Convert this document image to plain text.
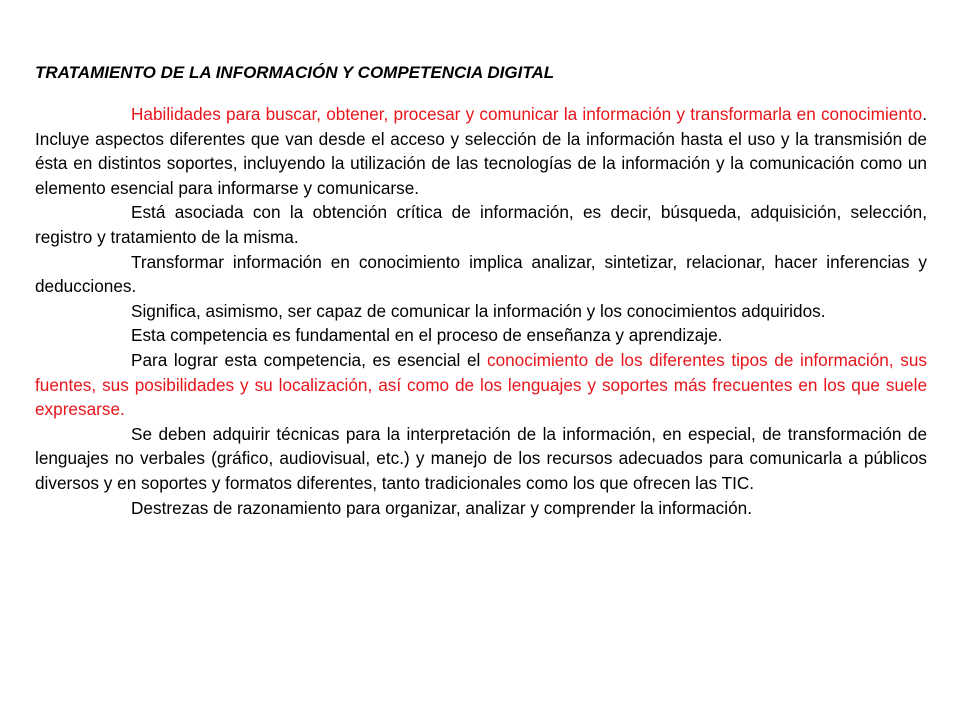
TRATAMIENTO DE LA INFORMACIÓN Y COMPETENCIA DIGITAL

Habilidades para buscar, obtener, procesar y comunicar la información y transformarla en conocimiento. Incluye aspectos diferentes que van desde el acceso y selección de la información hasta el uso y la transmisión de ésta en distintos soportes, incluyendo la utilización de las tecnologías de la información y la comunicación como un elemento esencial para informarse y comunicarse.

Está asociada con la obtención crítica de información, es decir, búsqueda, adquisición, selección, registro y tratamiento de la misma.

Transformar información en conocimiento implica analizar, sintetizar, relacionar, hacer inferencias y deducciones.

Significa, asimismo, ser capaz de comunicar la información y los conocimientos adquiridos.

Esta competencia es fundamental en el proceso de enseñanza y aprendizaje.

Para lograr esta competencia, es esencial el conocimiento de los diferentes tipos de información, sus fuentes, sus posibilidades y su localización, así como de los lenguajes y soportes más frecuentes en los que suele expresarse.

Se deben adquirir técnicas para la interpretación de la información, en especial, de transformación de lenguajes no verbales (gráfico, audiovisual, etc.) y manejo de los recursos adecuados para comunicarla a públicos diversos y en soportes y formatos diferentes, tanto tradicionales como los que ofrecen las TIC.

Destrezas de razonamiento para organizar, analizar y comprender la información.
